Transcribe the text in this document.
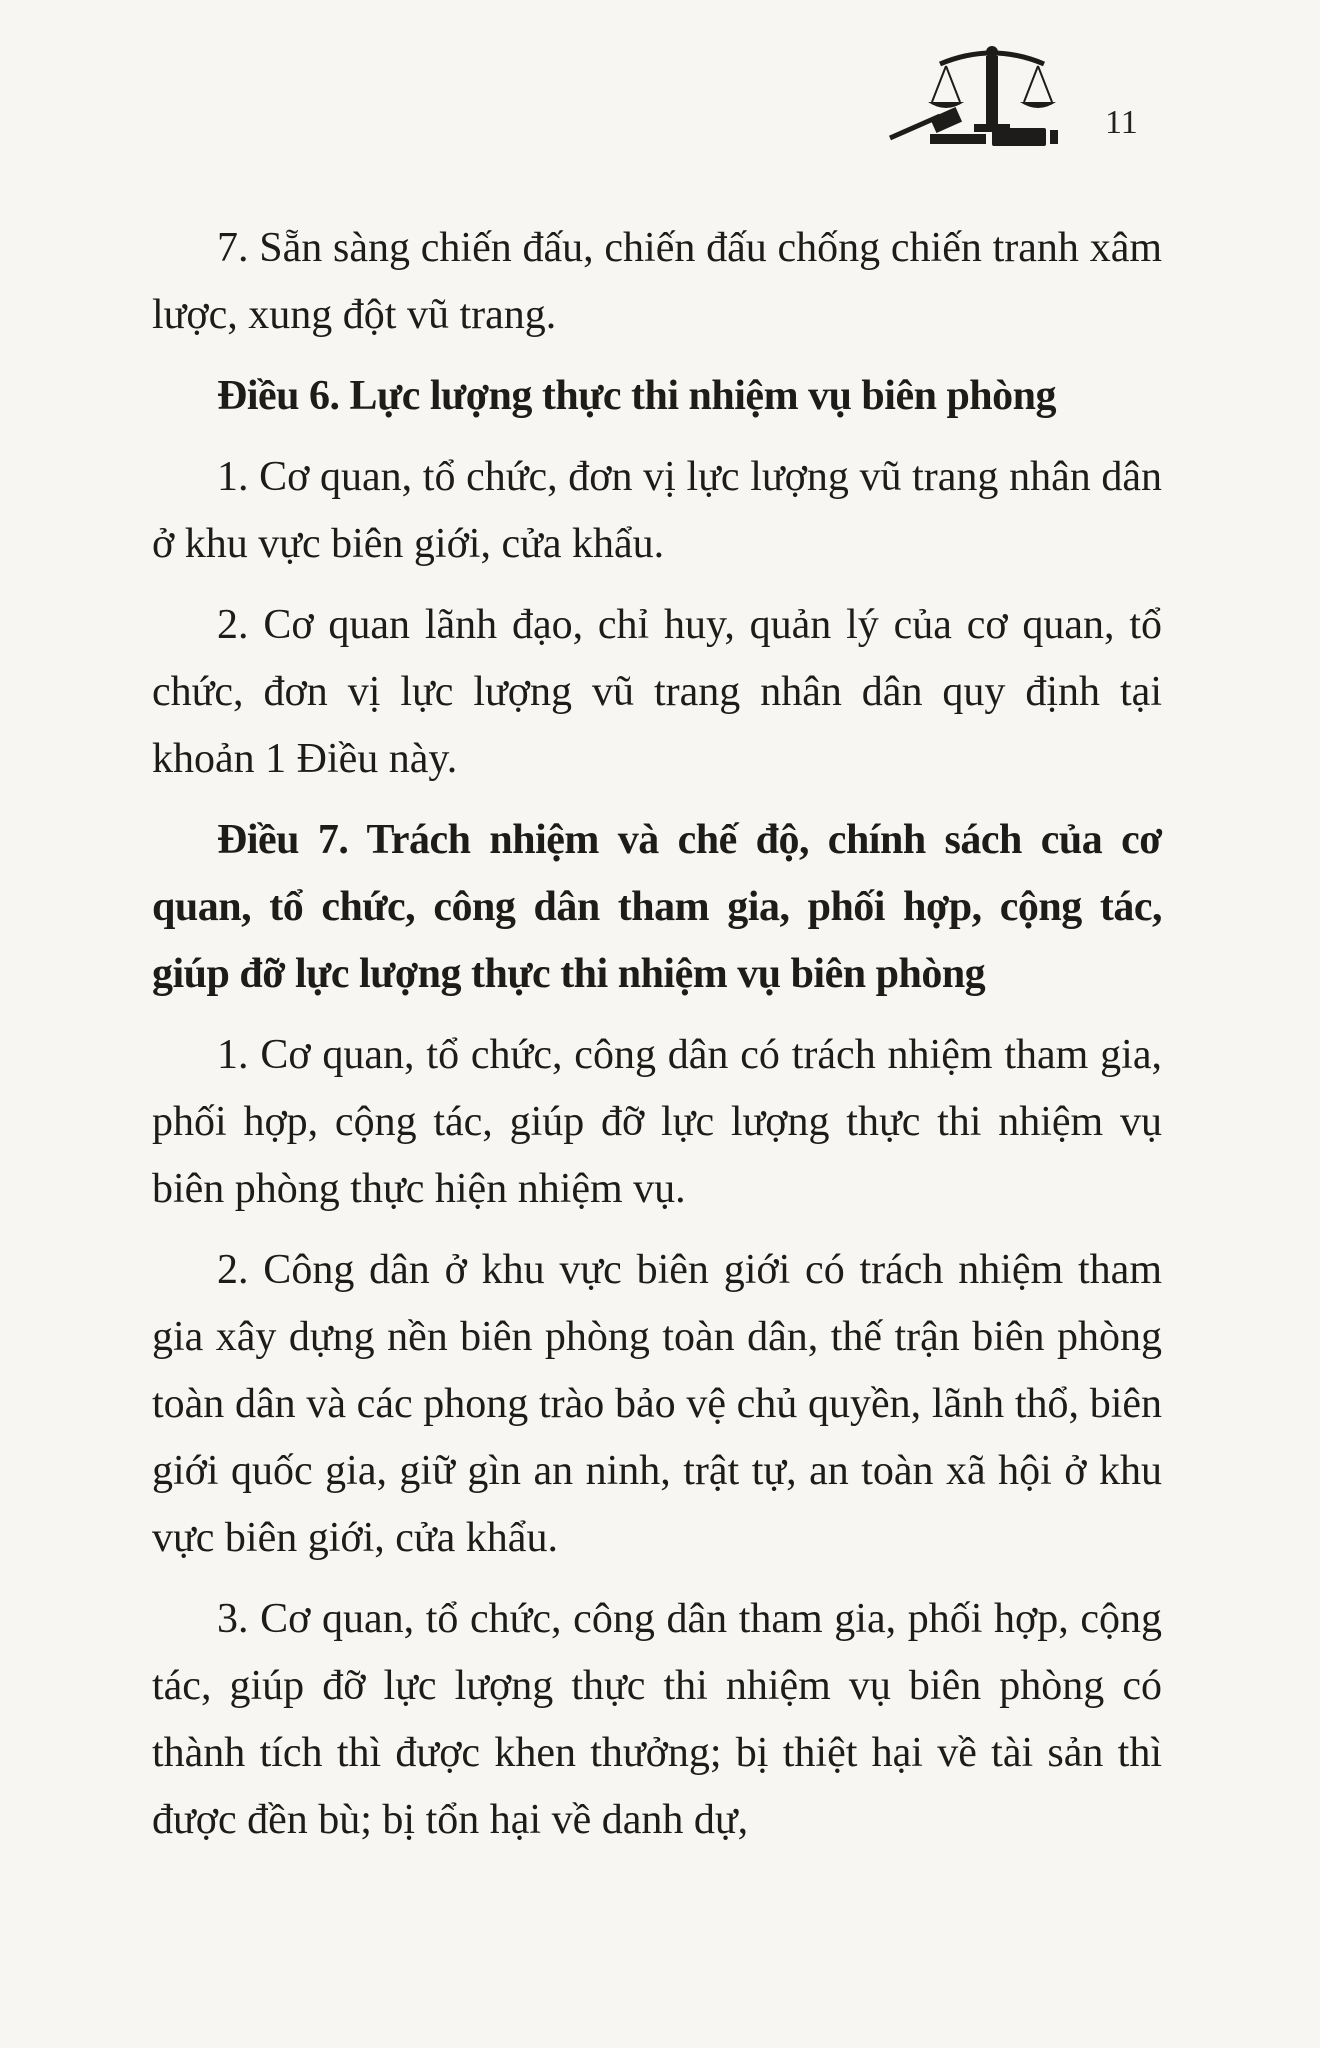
11

7. Sẵn sàng chiến đấu, chiến đấu chống chiến tranh xâm lược, xung đột vũ trang.

Điều 6. Lực lượng thực thi nhiệm vụ biên phòng

1. Cơ quan, tổ chức, đơn vị lực lượng vũ trang nhân dân ở khu vực biên giới, cửa khẩu.

2. Cơ quan lãnh đạo, chỉ huy, quản lý của cơ quan, tổ chức, đơn vị lực lượng vũ trang nhân dân quy định tại khoản 1 Điều này.

Điều 7. Trách nhiệm và chế độ, chính sách của cơ quan, tổ chức, công dân tham gia, phối hợp, cộng tác, giúp đỡ lực lượng thực thi nhiệm vụ biên phòng

1. Cơ quan, tổ chức, công dân có trách nhiệm tham gia, phối hợp, cộng tác, giúp đỡ lực lượng thực thi nhiệm vụ biên phòng thực hiện nhiệm vụ.

2. Công dân ở khu vực biên giới có trách nhiệm tham gia xây dựng nền biên phòng toàn dân, thế trận biên phòng toàn dân và các phong trào bảo vệ chủ quyền, lãnh thổ, biên giới quốc gia, giữ gìn an ninh, trật tự, an toàn xã hội ở khu vực biên giới, cửa khẩu.

3. Cơ quan, tổ chức, công dân tham gia, phối hợp, cộng tác, giúp đỡ lực lượng thực thi nhiệm vụ biên phòng có thành tích thì được khen thưởng; bị thiệt hại về tài sản thì được đền bù; bị tổn hại về danh dự,
